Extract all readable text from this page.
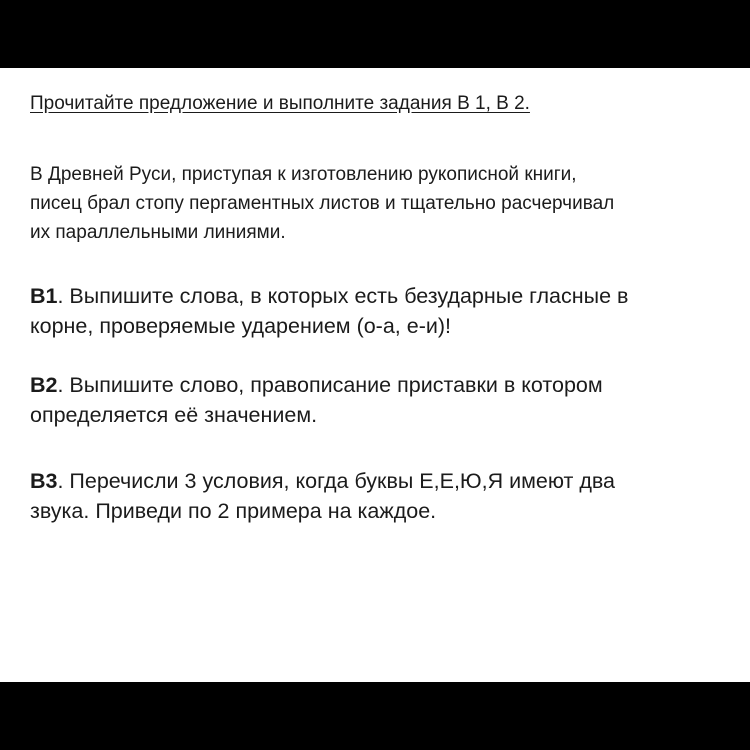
Прочитайте предложение и выполните задания В 1, В 2.
В Древней Руси, приступая к изготовлению рукописной книги,
писец брал стопу пергаментных листов и тщательно расчерчивал
их параллельными линиями.
В1. Выпишите слова, в которых есть безударные гласные в
корне, проверяемые ударением (о-а, е-и)!
В2. Выпишите слово, правописание приставки в котором
определяется её значением.
В3. Перечисли 3 условия, когда буквы Е,Е,Ю,Я имеют два
звука. Приведи по 2 примера на каждое.
